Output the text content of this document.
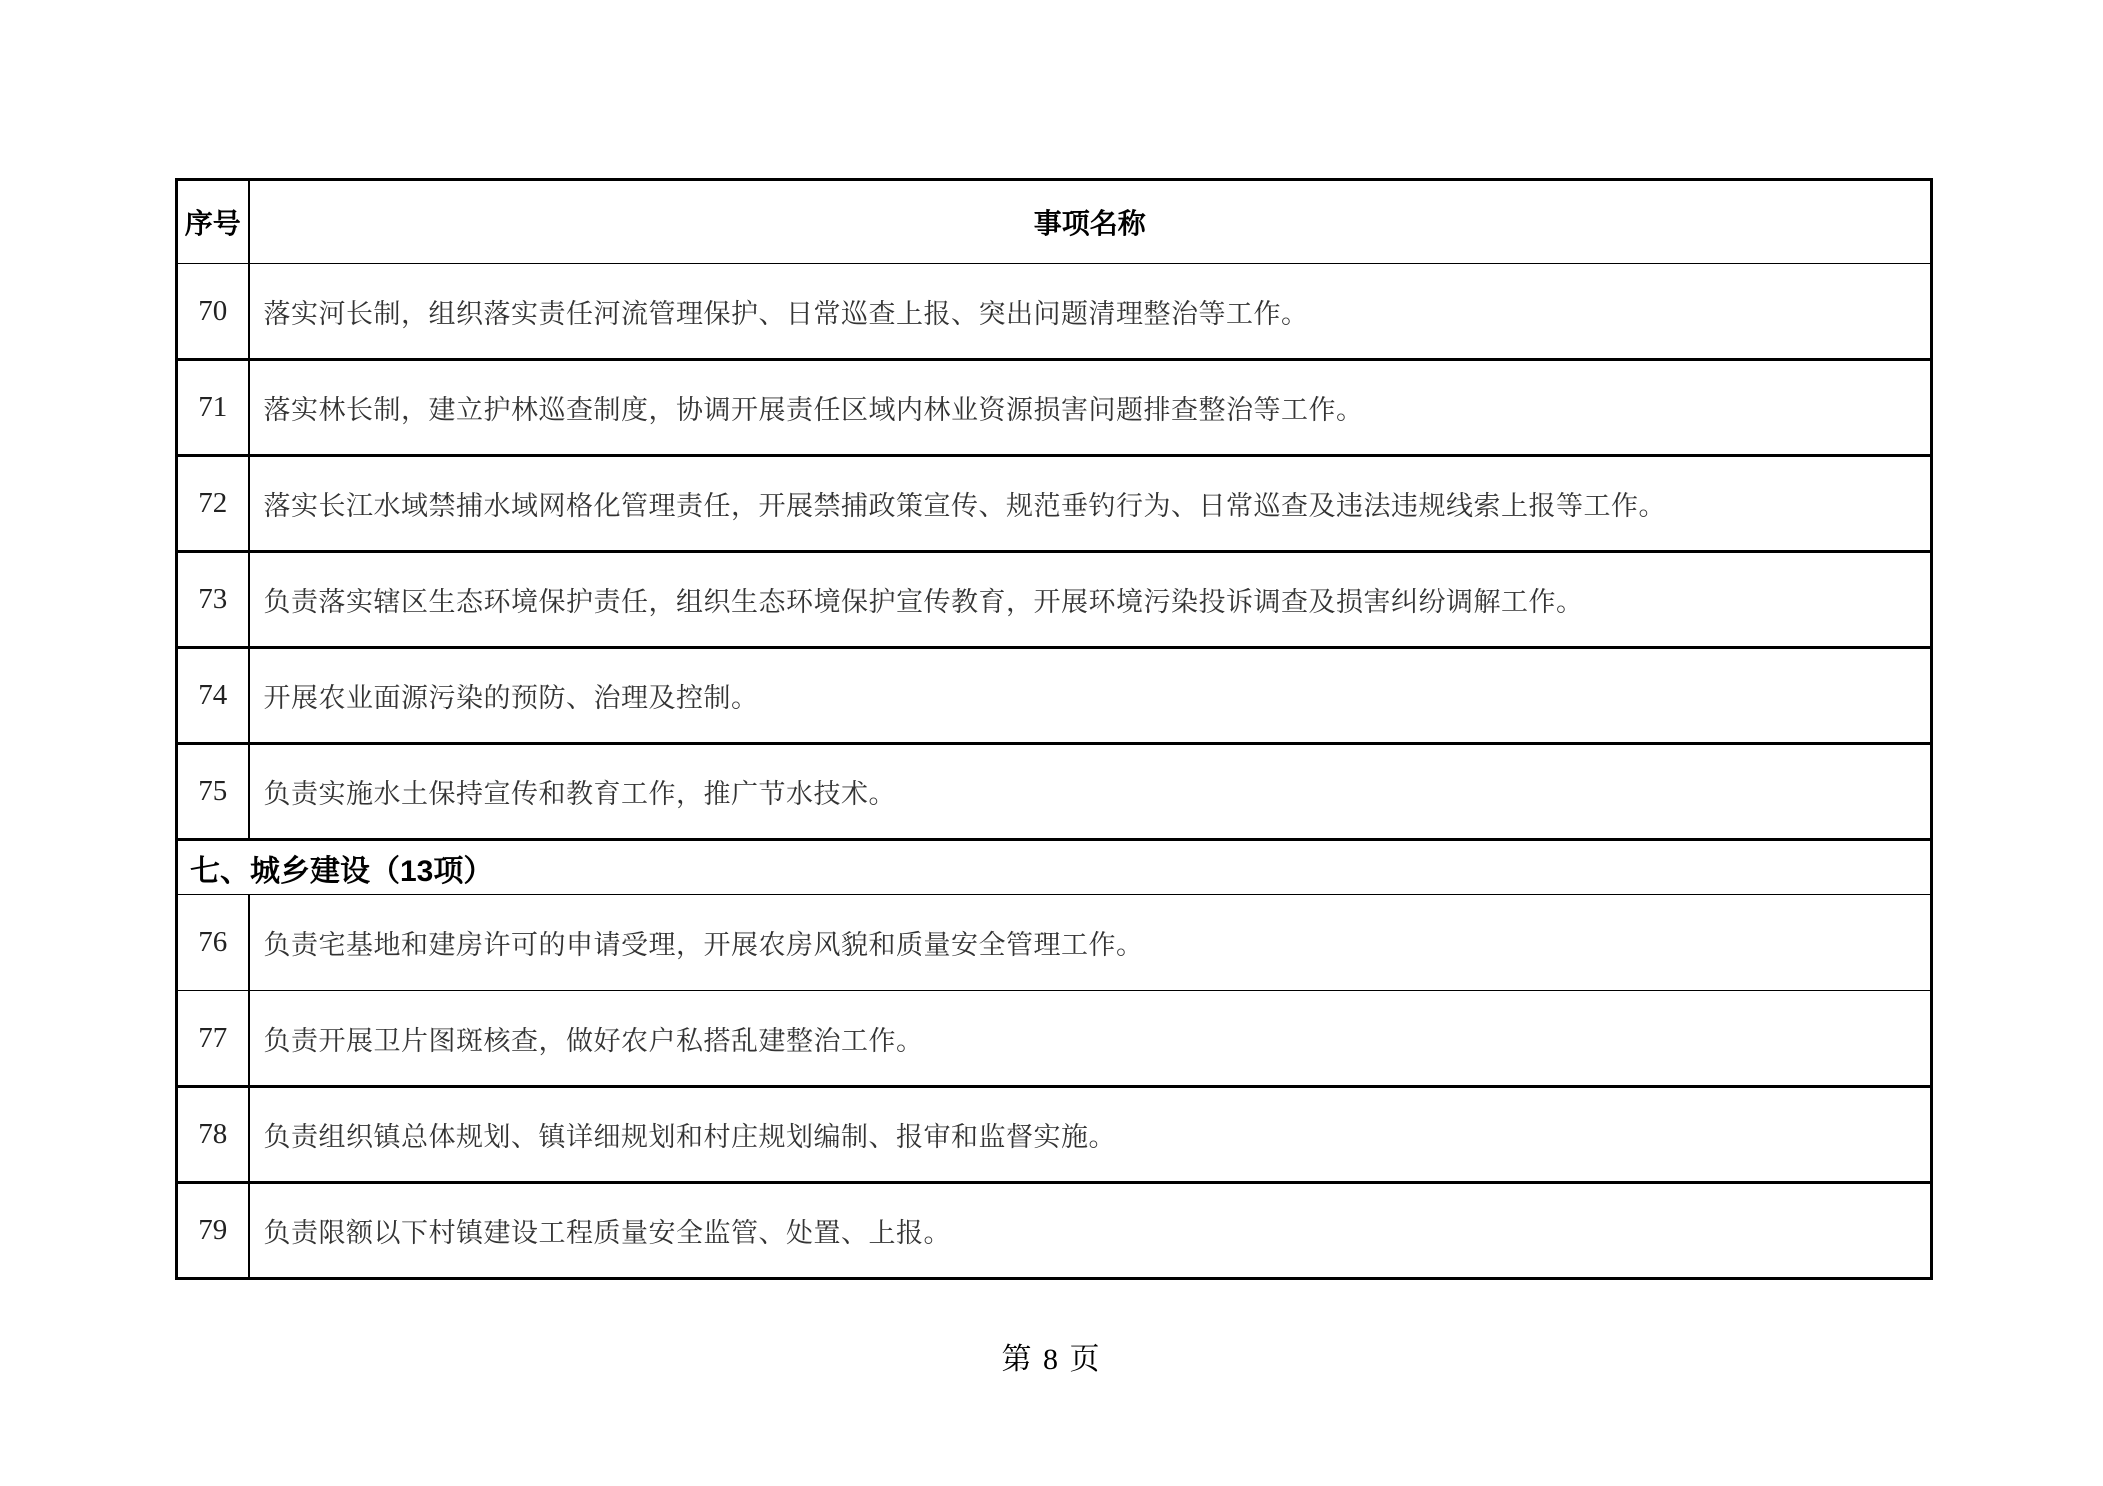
序号	事项名称
70	落实河长制，组织落实责任河流管理保护、日常巡查上报、突出问题清理整治等工作。
71	落实林长制，建立护林巡查制度，协调开展责任区域内林业资源损害问题排查整治等工作。
72	落实长江水域禁捕水域网格化管理责任，开展禁捕政策宣传、规范垂钓行为、日常巡查及违法违规线索上报等工作。
73	负责落实辖区生态环境保护责任，组织生态环境保护宣传教育，开展环境污染投诉调查及损害纠纷调解工作。
74	开展农业面源污染的预防、治理及控制。
75	负责实施水土保持宣传和教育工作，推广节水技术。
七、城乡建设（13项）	
76	负责宅基地和建房许可的申请受理，开展农房风貌和质量安全管理工作。
77	负责开展卫片图斑核查，做好农户私搭乱建整治工作。
78	负责组织镇总体规划、镇详细规划和村庄规划编制、报审和监督实施。
79	负责限额以下村镇建设工程质量安全监管、处置、上报。
第 8 页
